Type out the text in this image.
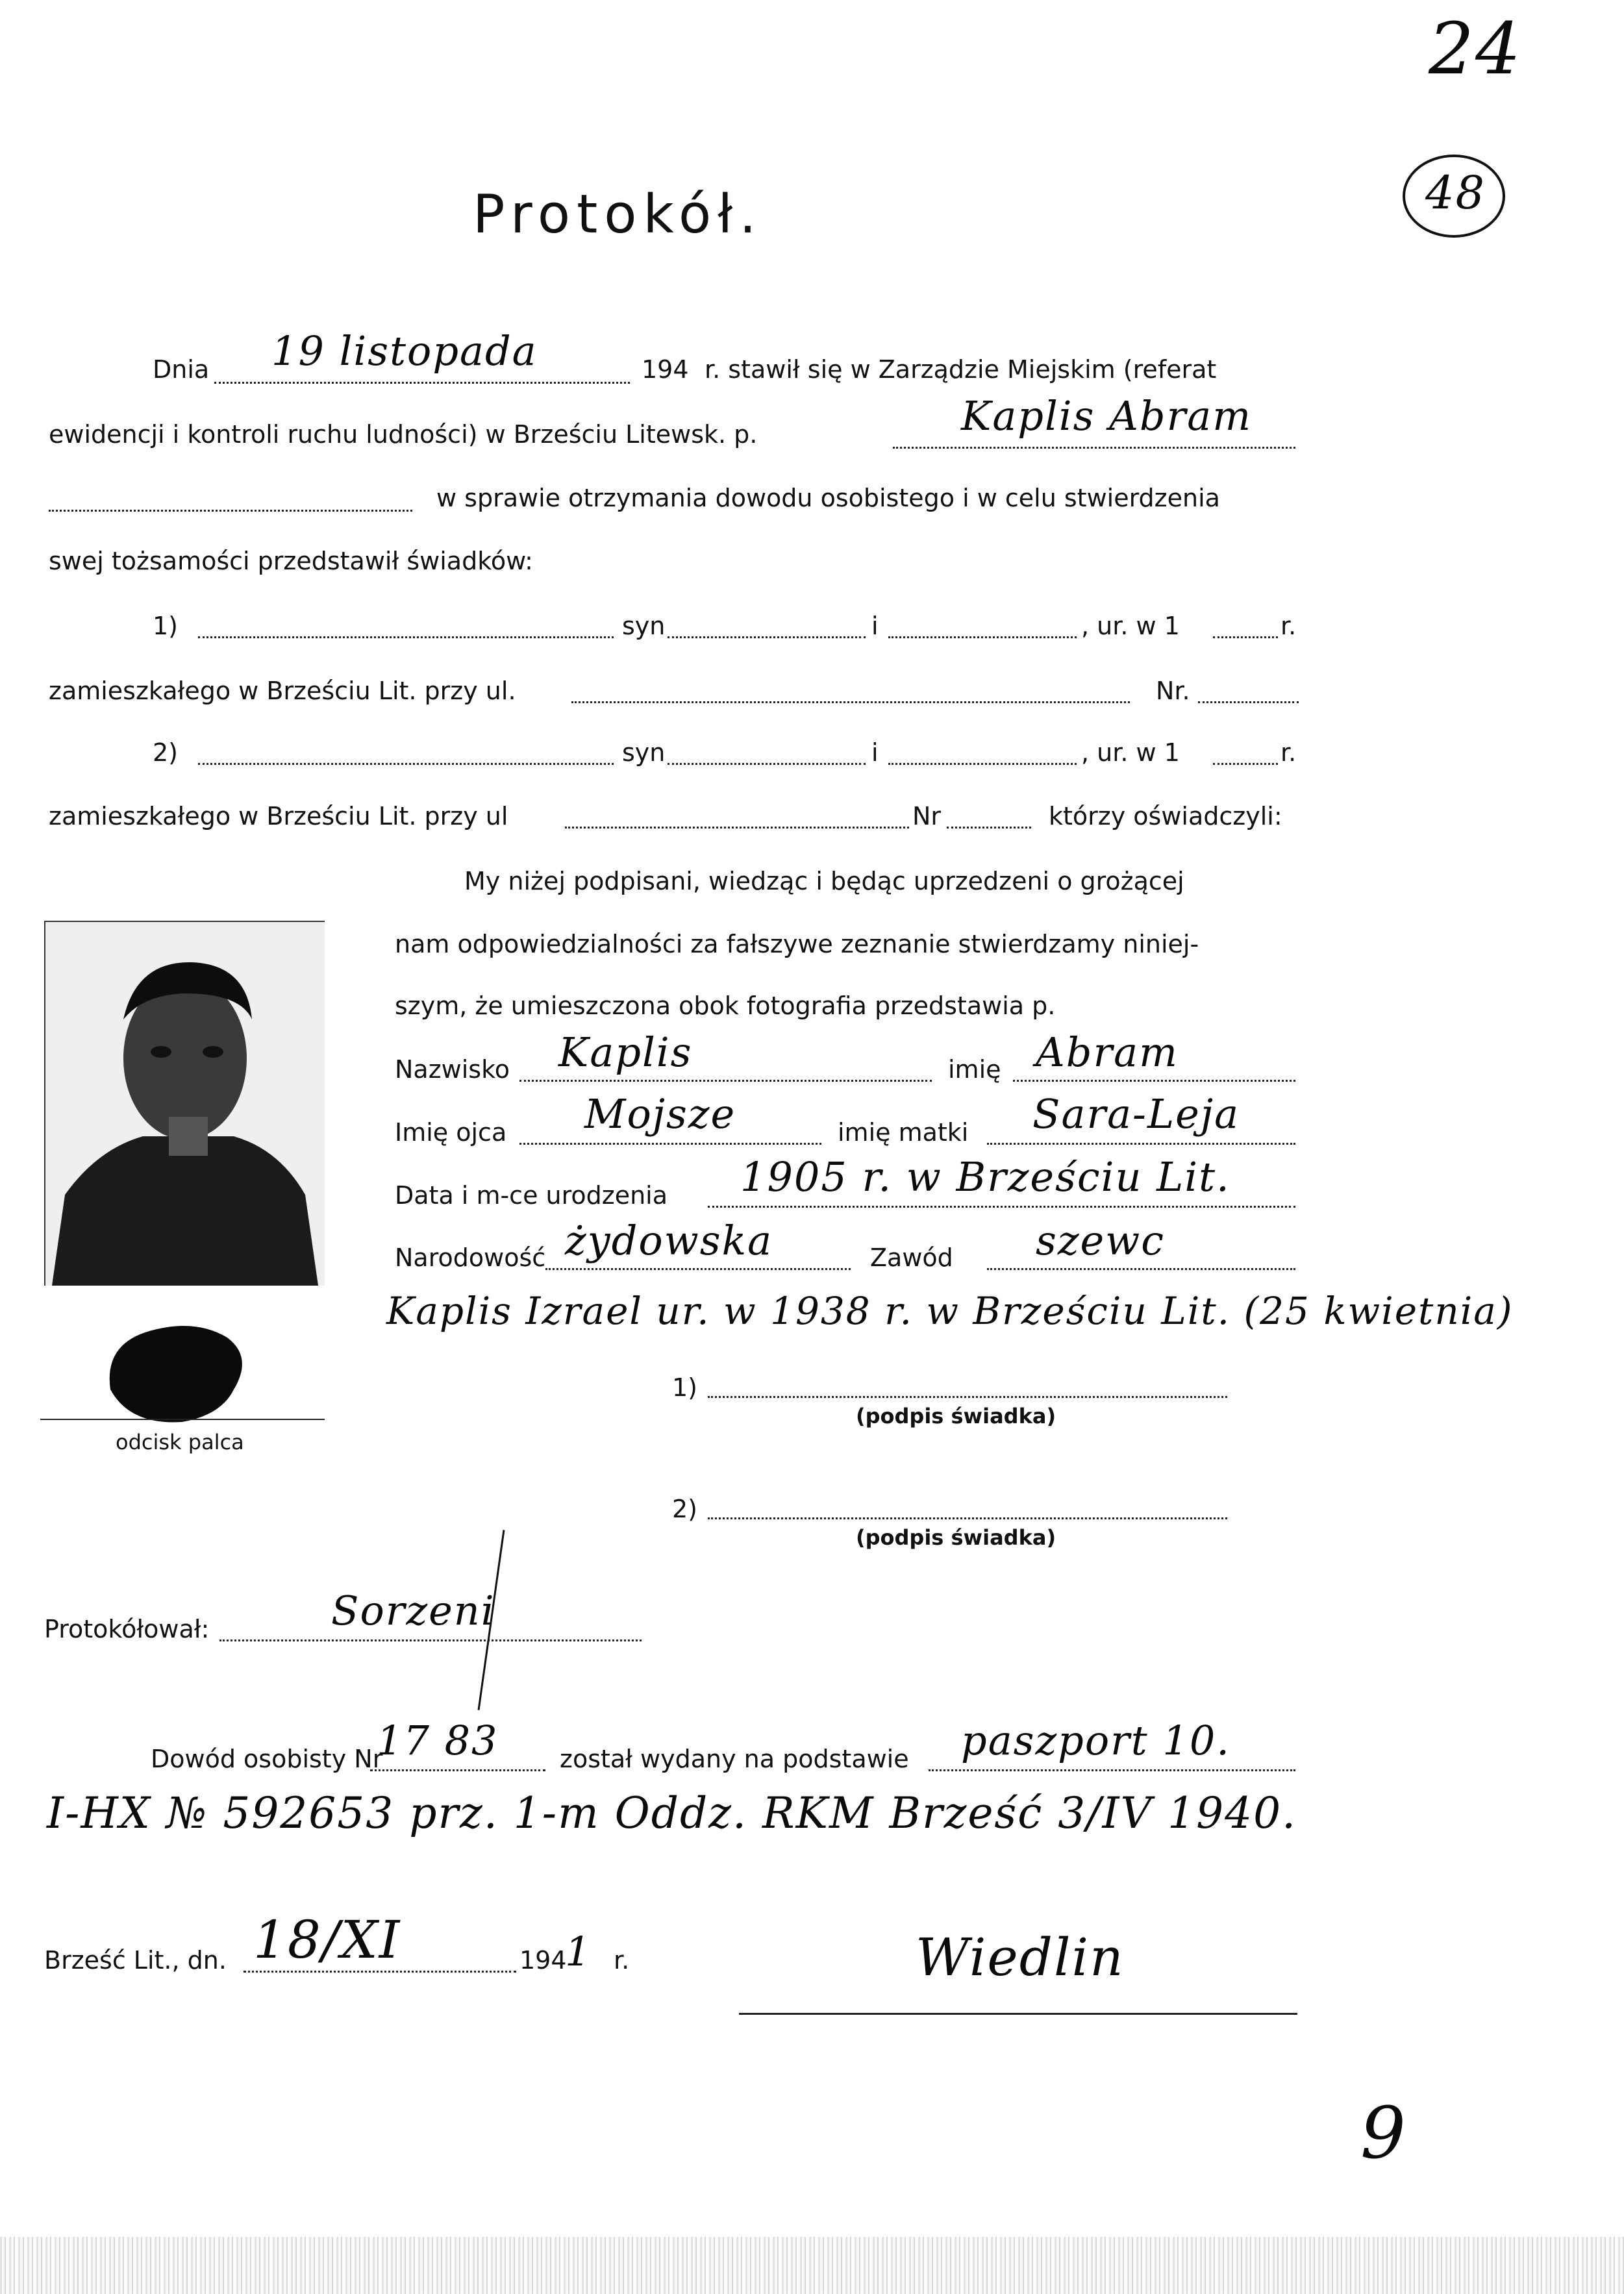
24
48
Protokół.
Dnia 19 listopada	194 r. stawił się w Zarządzie Miejskim (referat
ewidencji i kontroli ruchu ludności) w Brześciu Litewsk. p.	Kaplis Abram
w sprawie otrzymania dowodu osobistego i w celu stwierdzenia
swej tożsamości przedstawił świadków:
1)	syn	i	, ur. w 1	r.
zamieszkałego w Brześciu Lit. przy ul.	Nr.
2)	syn	i	, ur. w 1	r.
zamieszkałego w Brześciu Lit. przy ul	Nr	którzy oświadczyli:
My niżej podpisani, wiedząc i będąc uprzedzeni o grożącej
nam odpowiedzialności za fałszywe zeznanie stwierdzamy niniej-
szym, że umieszczona obok fotografia przedstawia p.
Nazwisko Kaplis	imię Abram
Imię ojca Mojsze	imię matki Sara-Leja
Data i m-ce urodzenia 1905 r. w Brześciu Lit.
Narodowość żydowska	Zawód szewc
Kaplis Izrael ur. w 1938 r. w Brześciu Lit. (25 kwietnia)
odcisk palca
1)
(podpis świadka)
2)
(podpis świadka)
Protokółował:	Sorzeni
Dowód osobisty Nr
17 83 został wydany na podstawie paszport 10.
I-HX № 592653 prz. 1-m Oddz. RKM Brześć 3/IV 1940.
Brześć Lit., dn. 18/XI	194
1 r.	Wiedlin
9
